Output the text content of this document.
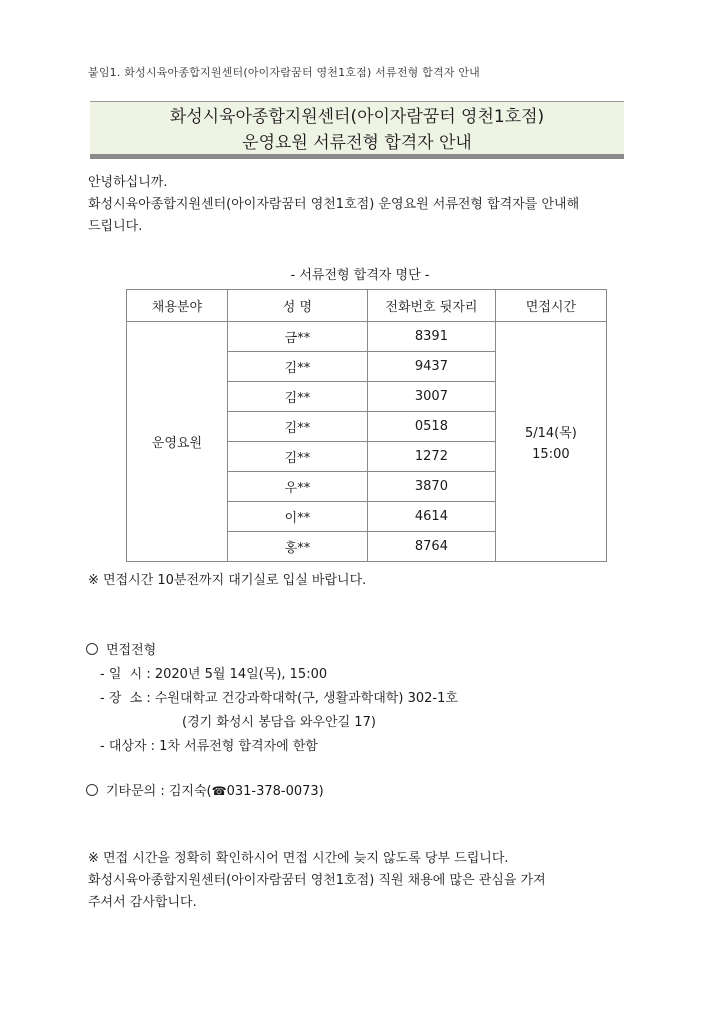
붙임1. 화성시육아종합지원센터(아이자람꿈터 영천1호점) 서류전형 합격자 안내
화성시육아종합지원센터(아이자람꿈터 영천1호점)
운영요원 서류전형 합격자 안내
안녕하십니까.
화성시육아종합지원센터(아이자람꿈터 영천1호점) 운영요원 서류전형 합격자를 안내해
드립니다.
- 서류전형 합격자 명단 -
채용분야	성 명	전화번호 뒷자리	면접시간
운영요원	금**	8391	5/14(목)
15:00

	김**	9437	
	김**	3007	
	김**	0518	
	김**	1272	
	우**	3870	
	이**	4614	
	홍**	8764	
※ 면접시간 10분전까지 대기실로 입실 바랍니다.
면접전형
- 일  시 : 2020년 5월 14일(목), 15:00
- 장  소 : 수원대학교 건강과학대학(구, 생활과학대학) 302-1호
(경기 화성시 봉담읍 와우안길 17)
- 대상자 : 1차 서류전형 합격자에 한함
기타문의 : 김지숙(☎031-378-0073)
※ 면접 시간을 정확히 확인하시어 면접 시간에 늦지 않도록 당부 드립니다.
화성시육아종합지원센터(아이자람꿈터 영천1호점) 직원 채용에 많은 관심을 가져
주셔서 감사합니다.
